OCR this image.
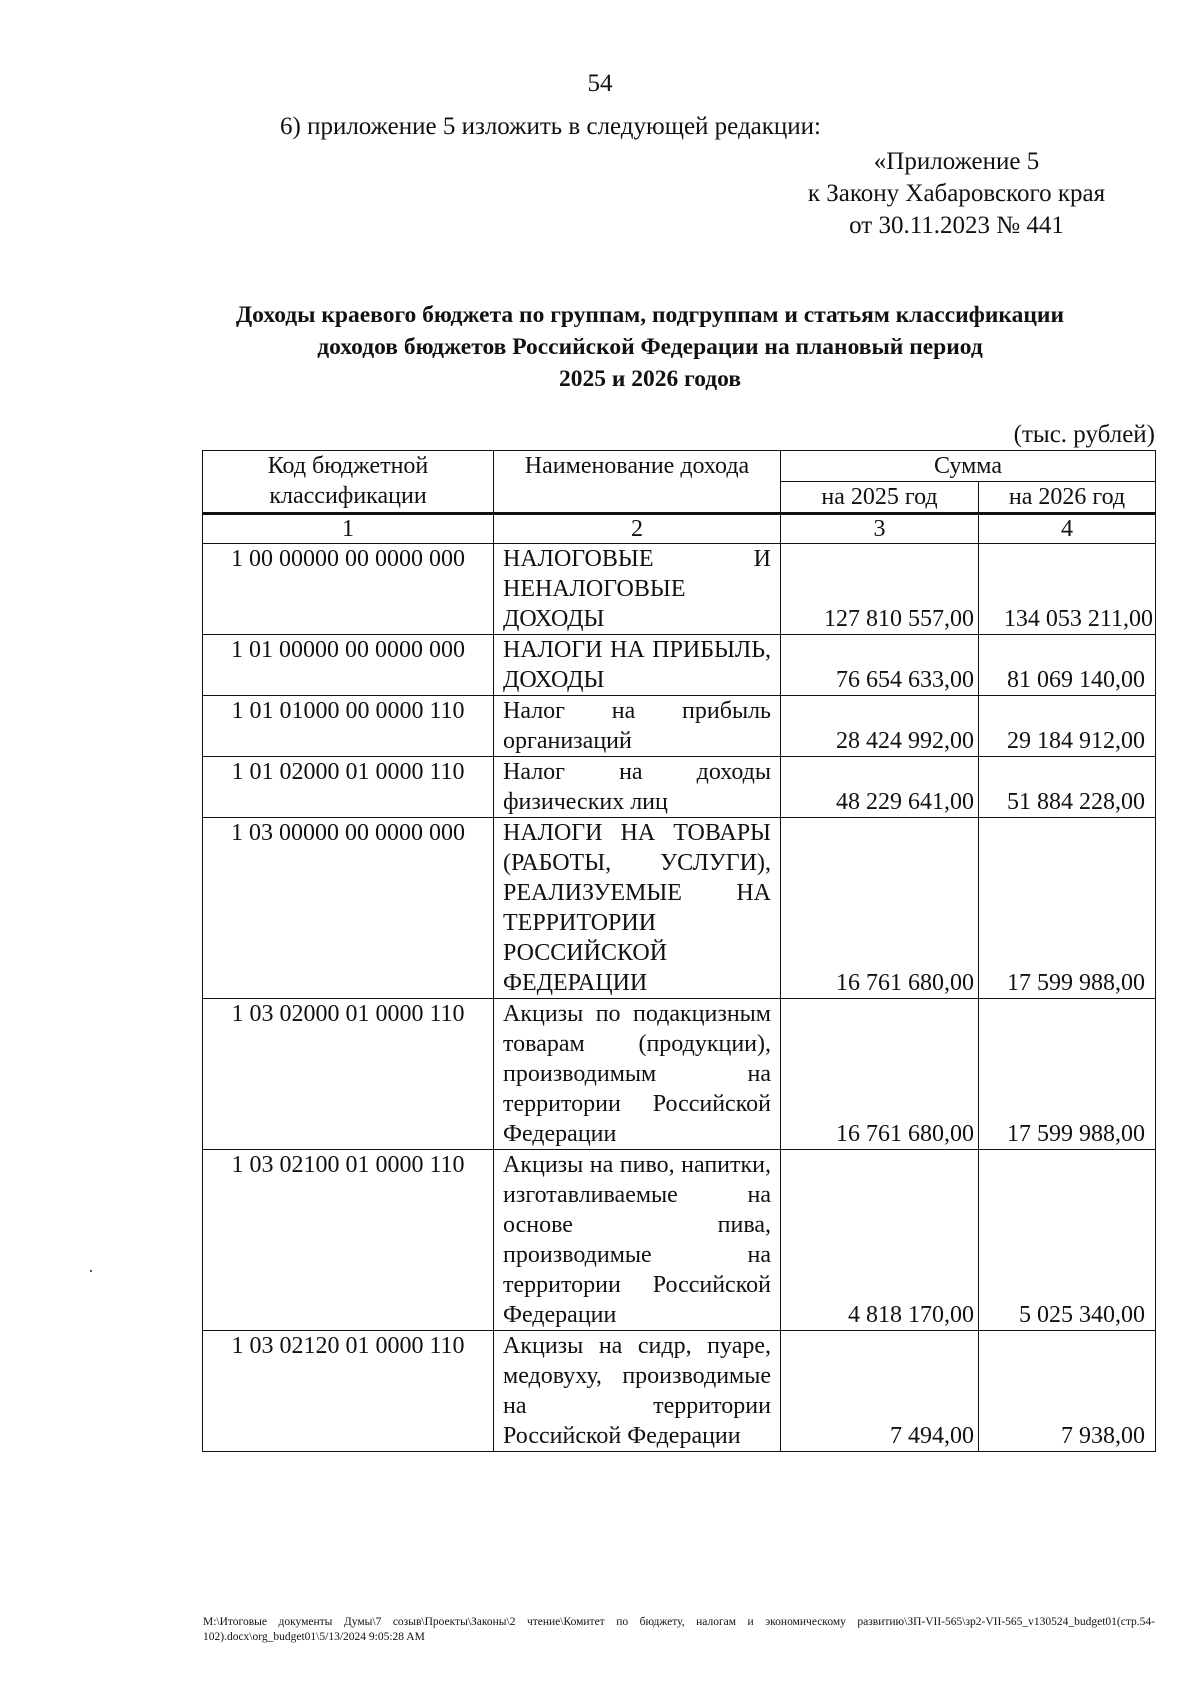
54
6) приложение 5 изложить в следующей редакции:
«Приложение 5
к Закону Хабаровского края
от 30.11.2023 № 441
Доходы краевого бюджета по группам, подгруппам и статьям классификации
доходов бюджетов Российской Федерации на плановый период
2025 и 2026 годов
(тыс. рублей)
Код бюджетной классификации	Наименование дохода	Сумма	
		на 2025 год	на 2026 год
1	2	3	4
1 00 00000 00 0000 000	НАЛОГОВЫЕ И НЕНАЛОГОВЫЕ ДОХОДЫ	127 810 557,00	134 053 211,00
1 01 00000 00 0000 000	НАЛОГИ НА ПРИБЫЛЬ, ДОХОДЫ	76 654 633,00	81 069 140,00
1 01 01000 00 0000 110	Налог на прибыль организаций	28 424 992,00	29 184 912,00
1 01 02000 01 0000 110	Налог на доходы физических лиц	48 229 641,00	51 884 228,00
1 03 00000 00 0000 000	НАЛОГИ НА ТОВАРЫ (РАБОТЫ, УСЛУГИ), РЕАЛИЗУЕМЫЕ НА ТЕРРИТОРИИ РОССИЙСКОЙ ФЕДЕРАЦИИ	16 761 680,00	17 599 988,00
1 03 02000 01 0000 110	Акцизы по подакцизным товарам (продукции), производимым на территории Российской Федерации	16 761 680,00	17 599 988,00
1 03 02100 01 0000 110	Акцизы на пиво, напитки, изготавливаемые на основе пива, производимые на территории Российской Федерации	4 818 170,00	5 025 340,00
1 03 02120 01 0000 110	Акцизы на сидр, пуаре, медовуху, производимые на территории Российской Федерации	7 494,00	7 938,00
М:\Итоговые документы Думы\7 созыв\Проекты\Законы\2 чтение\Комитет по бюджету, налогам и экономическому развитию\ЗП-VII-565\зр2-VII-565_v130524_budget01(стр.54-102).docx\org_budget01\5/13/2024 9:05:28 AM
